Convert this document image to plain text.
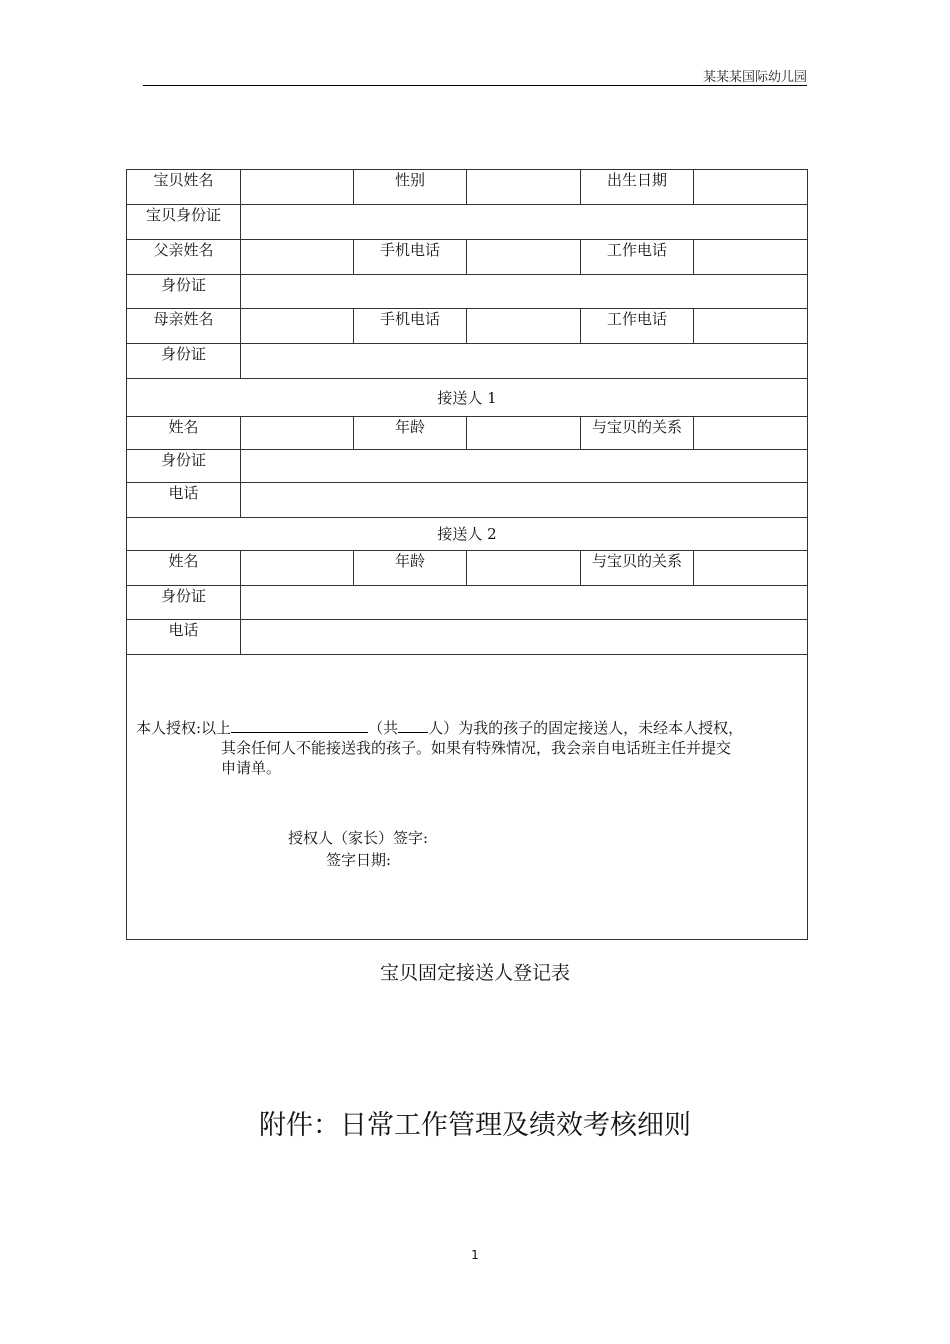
某某某国际幼儿园
宝贝姓名		性别		出生日期	
宝贝身份证					
父亲姓名		手机电话		工作电话	
身份证					
母亲姓名		手机电话		工作电话	
身份证					
接送人 1					
姓名		年龄		与宝贝的关系	
身份证					
电话					
接送人 2					
姓名		年龄		与宝贝的关系	
身份证					
电话					

本人授权:以上 （共 人）为我的孩子的固定接送人，未经本人授权，
其余任何人不能接送我的孩子。如果有特殊情况，我会亲自电话班主任并提交
申请单。
授权人（家长）签字:
签字日期:					
宝贝固定接送人登记表
附件：日常工作管理及绩效考核细则
1
